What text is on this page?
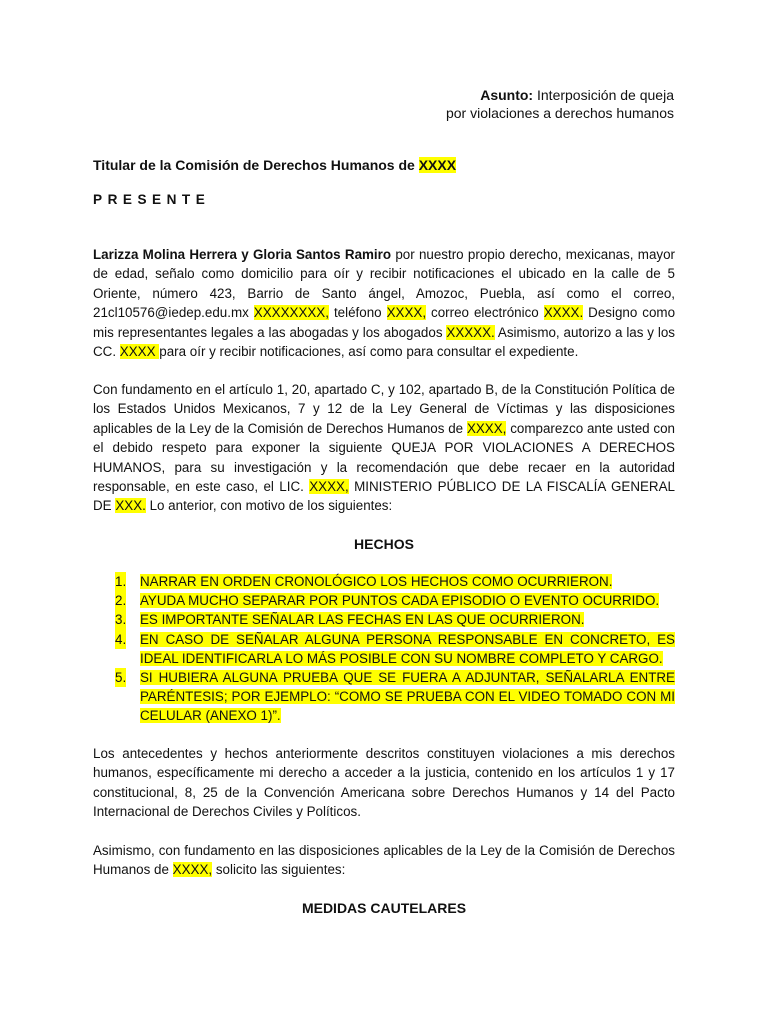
Asunto: Interposición de queja
por violaciones a derechos humanos
Titular de la Comisión de Derechos Humanos de XXXX
PRESENTE

Larizza Molina Herrera y Gloria Santos Ramiro por nuestro propio derecho, mexicanas, mayor de edad, señalo como domicilio para oír y recibir notificaciones el ubicado en la calle de 5 Oriente, número 423, Barrio de Santo ángel, Amozoc, Puebla, así como el correo, 21cl10576@iedep.edu.mx XXXXXXXX, teléfono XXXX, correo electrónico XXXX. Designo como mis representantes legales a las abogadas y los abogados XXXXX. Asimismo, autorizo a las y los CC. XXXX para oír y recibir notificaciones, así como para consultar el expediente.

Con fundamento en el artículo 1, 20, apartado C, y 102, apartado B, de la Constitución Política de los Estados Unidos Mexicanos, 7 y 12 de la Ley General de Víctimas y las disposiciones aplicables de la Ley de la Comisión de Derechos Humanos de XXXX, comparezco ante usted con el debido respeto para exponer la siguiente QUEJA POR VIOLACIONES A DERECHOS HUMANOS, para su investigación y la recomendación que debe recaer en la autoridad responsable, en este caso, el LIC. XXXX, MINISTERIO PÚBLICO DE LA FISCALÍA GENERAL DE XXX. Lo anterior, con motivo de los siguientes:

HECHOS
1. NARRAR EN ORDEN CRONOLÓGICO LOS HECHOS COMO OCURRIERON.
2. AYUDA MUCHO SEPARAR POR PUNTOS CADA EPISODIO O EVENTO OCURRIDO.
3. ES IMPORTANTE SEÑALAR LAS FECHAS EN LAS QUE OCURRIERON.
4. EN CASO DE SEÑALAR ALGUNA PERSONA RESPONSABLE EN CONCRETO, ES IDEAL IDENTIFICARLA LO MÁS POSIBLE CON SU NOMBRE COMPLETO Y CARGO.
5. SI HUBIERA ALGUNA PRUEBA QUE SE FUERA A ADJUNTAR, SEÑALARLA ENTRE PARÉNTESIS; POR EJEMPLO: “COMO SE PRUEBA CON EL VIDEO TOMADO CON MI CELULAR (ANEXO 1)”.

Los antecedentes y hechos anteriormente descritos constituyen violaciones a mis derechos humanos, específicamente mi derecho a acceder a la justicia, contenido en los artículos 1 y 17 constitucional, 8, 25 de la Convención Americana sobre Derechos Humanos y 14 del Pacto Internacional de Derechos Civiles y Políticos.

Asimismo, con fundamento en las disposiciones aplicables de la Ley de la Comisión de Derechos Humanos de XXXX, solicito las siguientes:

MEDIDAS CAUTELARES
